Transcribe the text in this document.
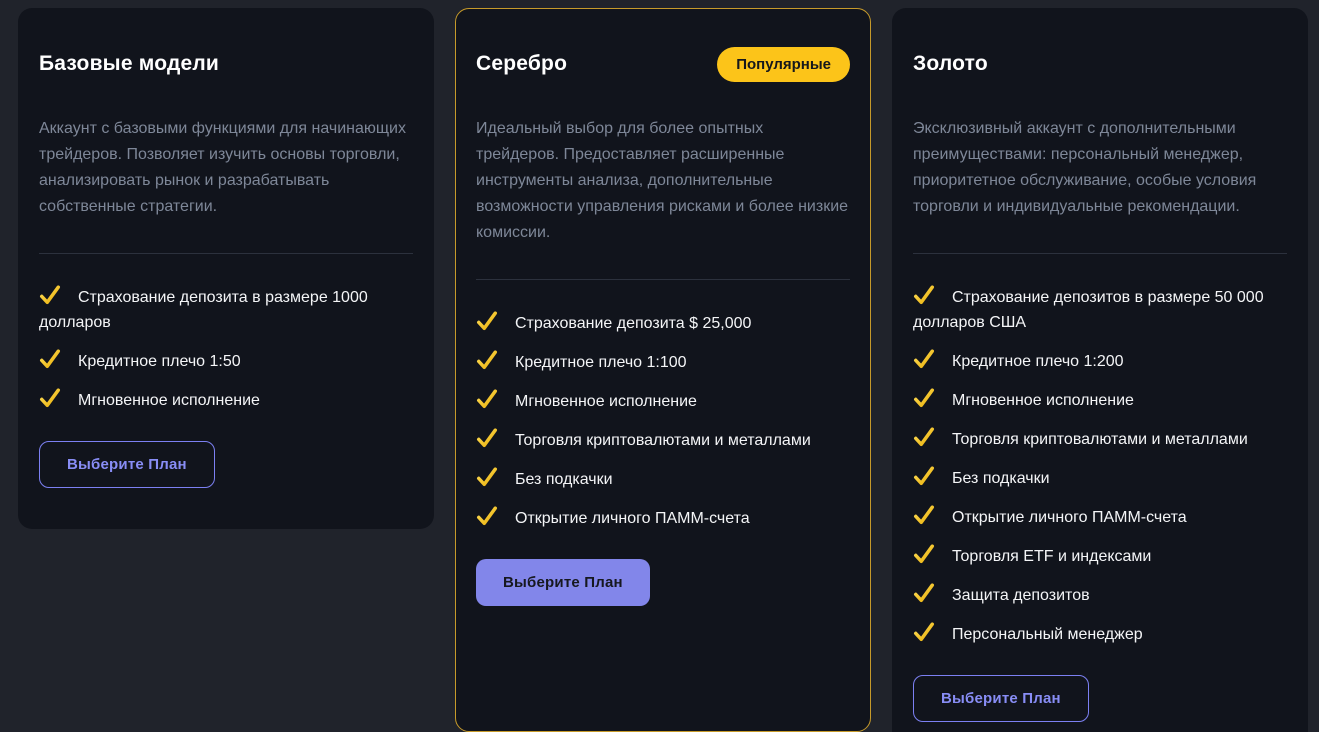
Базовые модели

Аккаунт с базовыми функциями для начинающих трейдеров. Позволяет изучить основы торговли, анализировать рынок и разрабатывать собственные стратегии.

Страхование депозита в размере 1000 долларов
Кредитное плечо 1:50
Мгновенное исполнение
Выберите План
Серебро	Популярные

Идеальный выбор для более опытных трейдеров. Предоставляет расширенные инструменты анализа, дополнительные возможности управления рисками и более низкие комиссии.

Страхование депозита $ 25,000
Кредитное плечо 1:100
Мгновенное исполнение
Торговля криптовалютами и металлами
Без подкачки
Открытие личного ПАММ-счета
Выберите План
Золото

Эксклюзивный аккаунт с дополнительными преимуществами: персональный менеджер, приоритетное обслуживание, особые условия торговли и индивидуальные рекомендации.

Страхование депозитов в размере 50 000 долларов США
Кредитное плечо 1:200
Мгновенное исполнение
Торговля криптовалютами и металлами
Без подкачки
Открытие личного ПАММ-счета
Торговля ETF и индексами
Защита депозитов
Персональный менеджер
Выберите План
